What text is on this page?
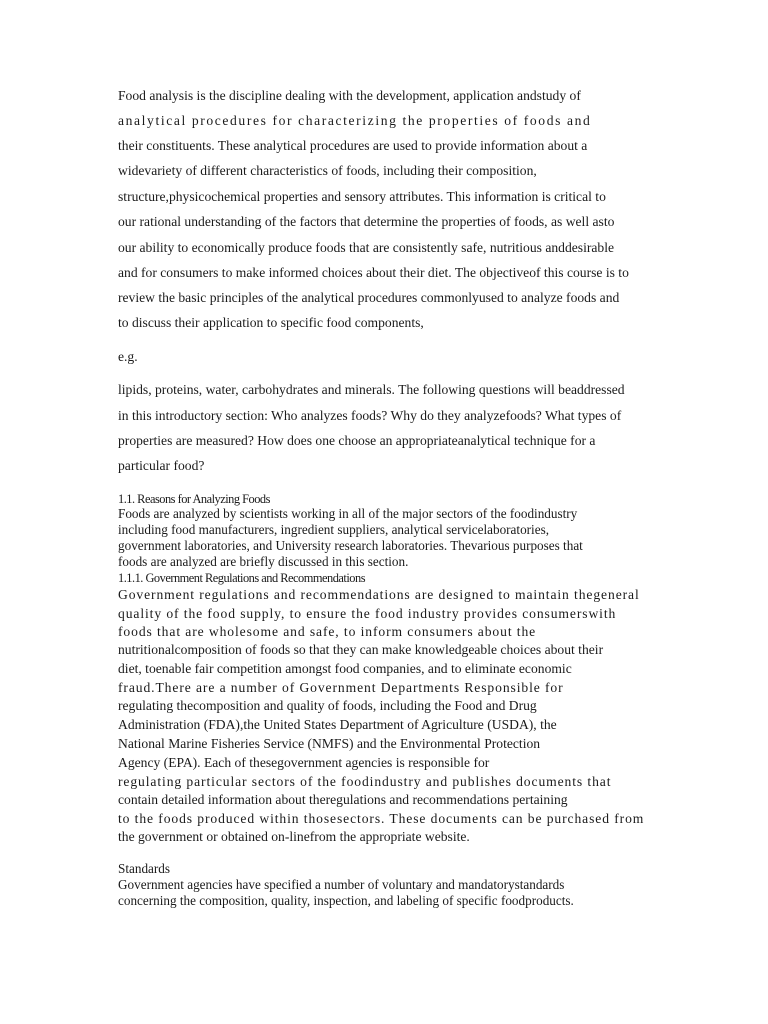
Food analysis is the discipline dealing with the development, application andstudy of
analytical procedures for characterizing the properties of foods and
their constituents. These analytical procedures are used to provide information about a
widevariety of different characteristics of foods, including their composition,
structure,physicochemical properties and sensory attributes. This information is critical to
our rational understanding of the factors that determine the properties of foods, as well asto
our ability to economically produce foods that are consistently safe, nutritious anddesirable
and for consumers to make informed choices about their diet. The objectiveof this course is to
review the basic principles of the analytical procedures commonlyused to analyze foods and
to discuss their application to specific food components,
e.g.
lipids, proteins, water, carbohydrates and minerals. The following questions will beaddressed
in this introductory section: Who analyzes foods? Why do they analyzefoods? What types of
properties are measured? How does one choose an appropriateanalytical technique for a
particular food?
1.1. Reasons for Analyzing Foods
Foods are analyzed by scientists working in all of the major sectors of the foodindustry
including food manufacturers, ingredient suppliers, analytical servicelaboratories,
government laboratories, and University research laboratories. Thevarious purposes that
foods are analyzed are briefly discussed in this section.
1.1.1. Government Regulations and Recommendations
Government regulations and recommendations are designed to maintain thegeneral
quality of the food supply, to ensure the food industry provides consumerswith
foods that are wholesome and safe, to inform consumers about the
nutritionalcomposition of foods so that they can make knowledgeable choices about their
diet, toenable fair competition amongst food companies, and to eliminate economic
fraud.There are a number of Government Departments Responsible for
regulating thecomposition and quality of foods, including the Food and Drug
Administration (FDA),the United States Department of Agriculture (USDA), the
National Marine Fisheries Service (NMFS) and the Environmental Protection
Agency (EPA). Each of thesegovernment agencies is responsible for
regulating particular sectors of the foodindustry and publishes documents that
contain detailed information about theregulations and recommendations pertaining
to the foods produced within thosesectors. These documents can be purchased from
the government or obtained on-linefrom the appropriate website.
Standards
Government agencies have specified a number of voluntary and mandatorystandards
concerning the composition, quality, inspection, and labeling of specific foodproducts.
